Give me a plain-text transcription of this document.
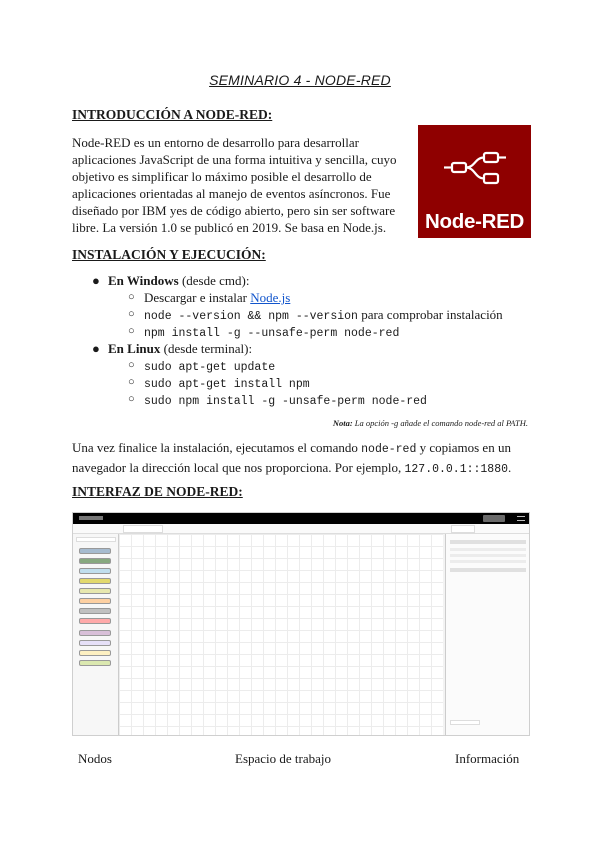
SEMINARIO 4 - NODE-RED
INTRODUCCIÓN A NODE-RED:
Node-RED es un entorno de desarrollo para desarrollar
aplicaciones JavaScript de una forma intuitiva y sencilla, cuyo
objetivo es simplificar lo máximo posible el desarrollo de
aplicaciones orientadas al manejo de eventos asíncronos. Fue
diseñado por IBM yes de código abierto, pero sin ser software
libre. La versión 1.0 se publicó en 2019. Se basa en Node.js.	Node-RED
INSTALACIÓN Y EJECUCIÓN:
● En Windows (desde cmd):
○ Descargar e instalar Node.js
○ node --version && npm --version para comprobar instalación
○ npm install -g --unsafe-perm node-red
● En Linux (desde terminal):
○ sudo apt-get update
○ sudo apt-get install npm
○ sudo npm install -g -unsafe-perm node-red
Nota: La opción -g añade el comando node-red al PATH.
Una vez finalice la instalación, ejecutamos el comando node-red y copiamos en un navegador la dirección local que nos proporciona. Por ejemplo, 127.0.0.1::1880.
INTERFAZ DE NODE-RED:
Nodos	Espacio de trabajo	Información
